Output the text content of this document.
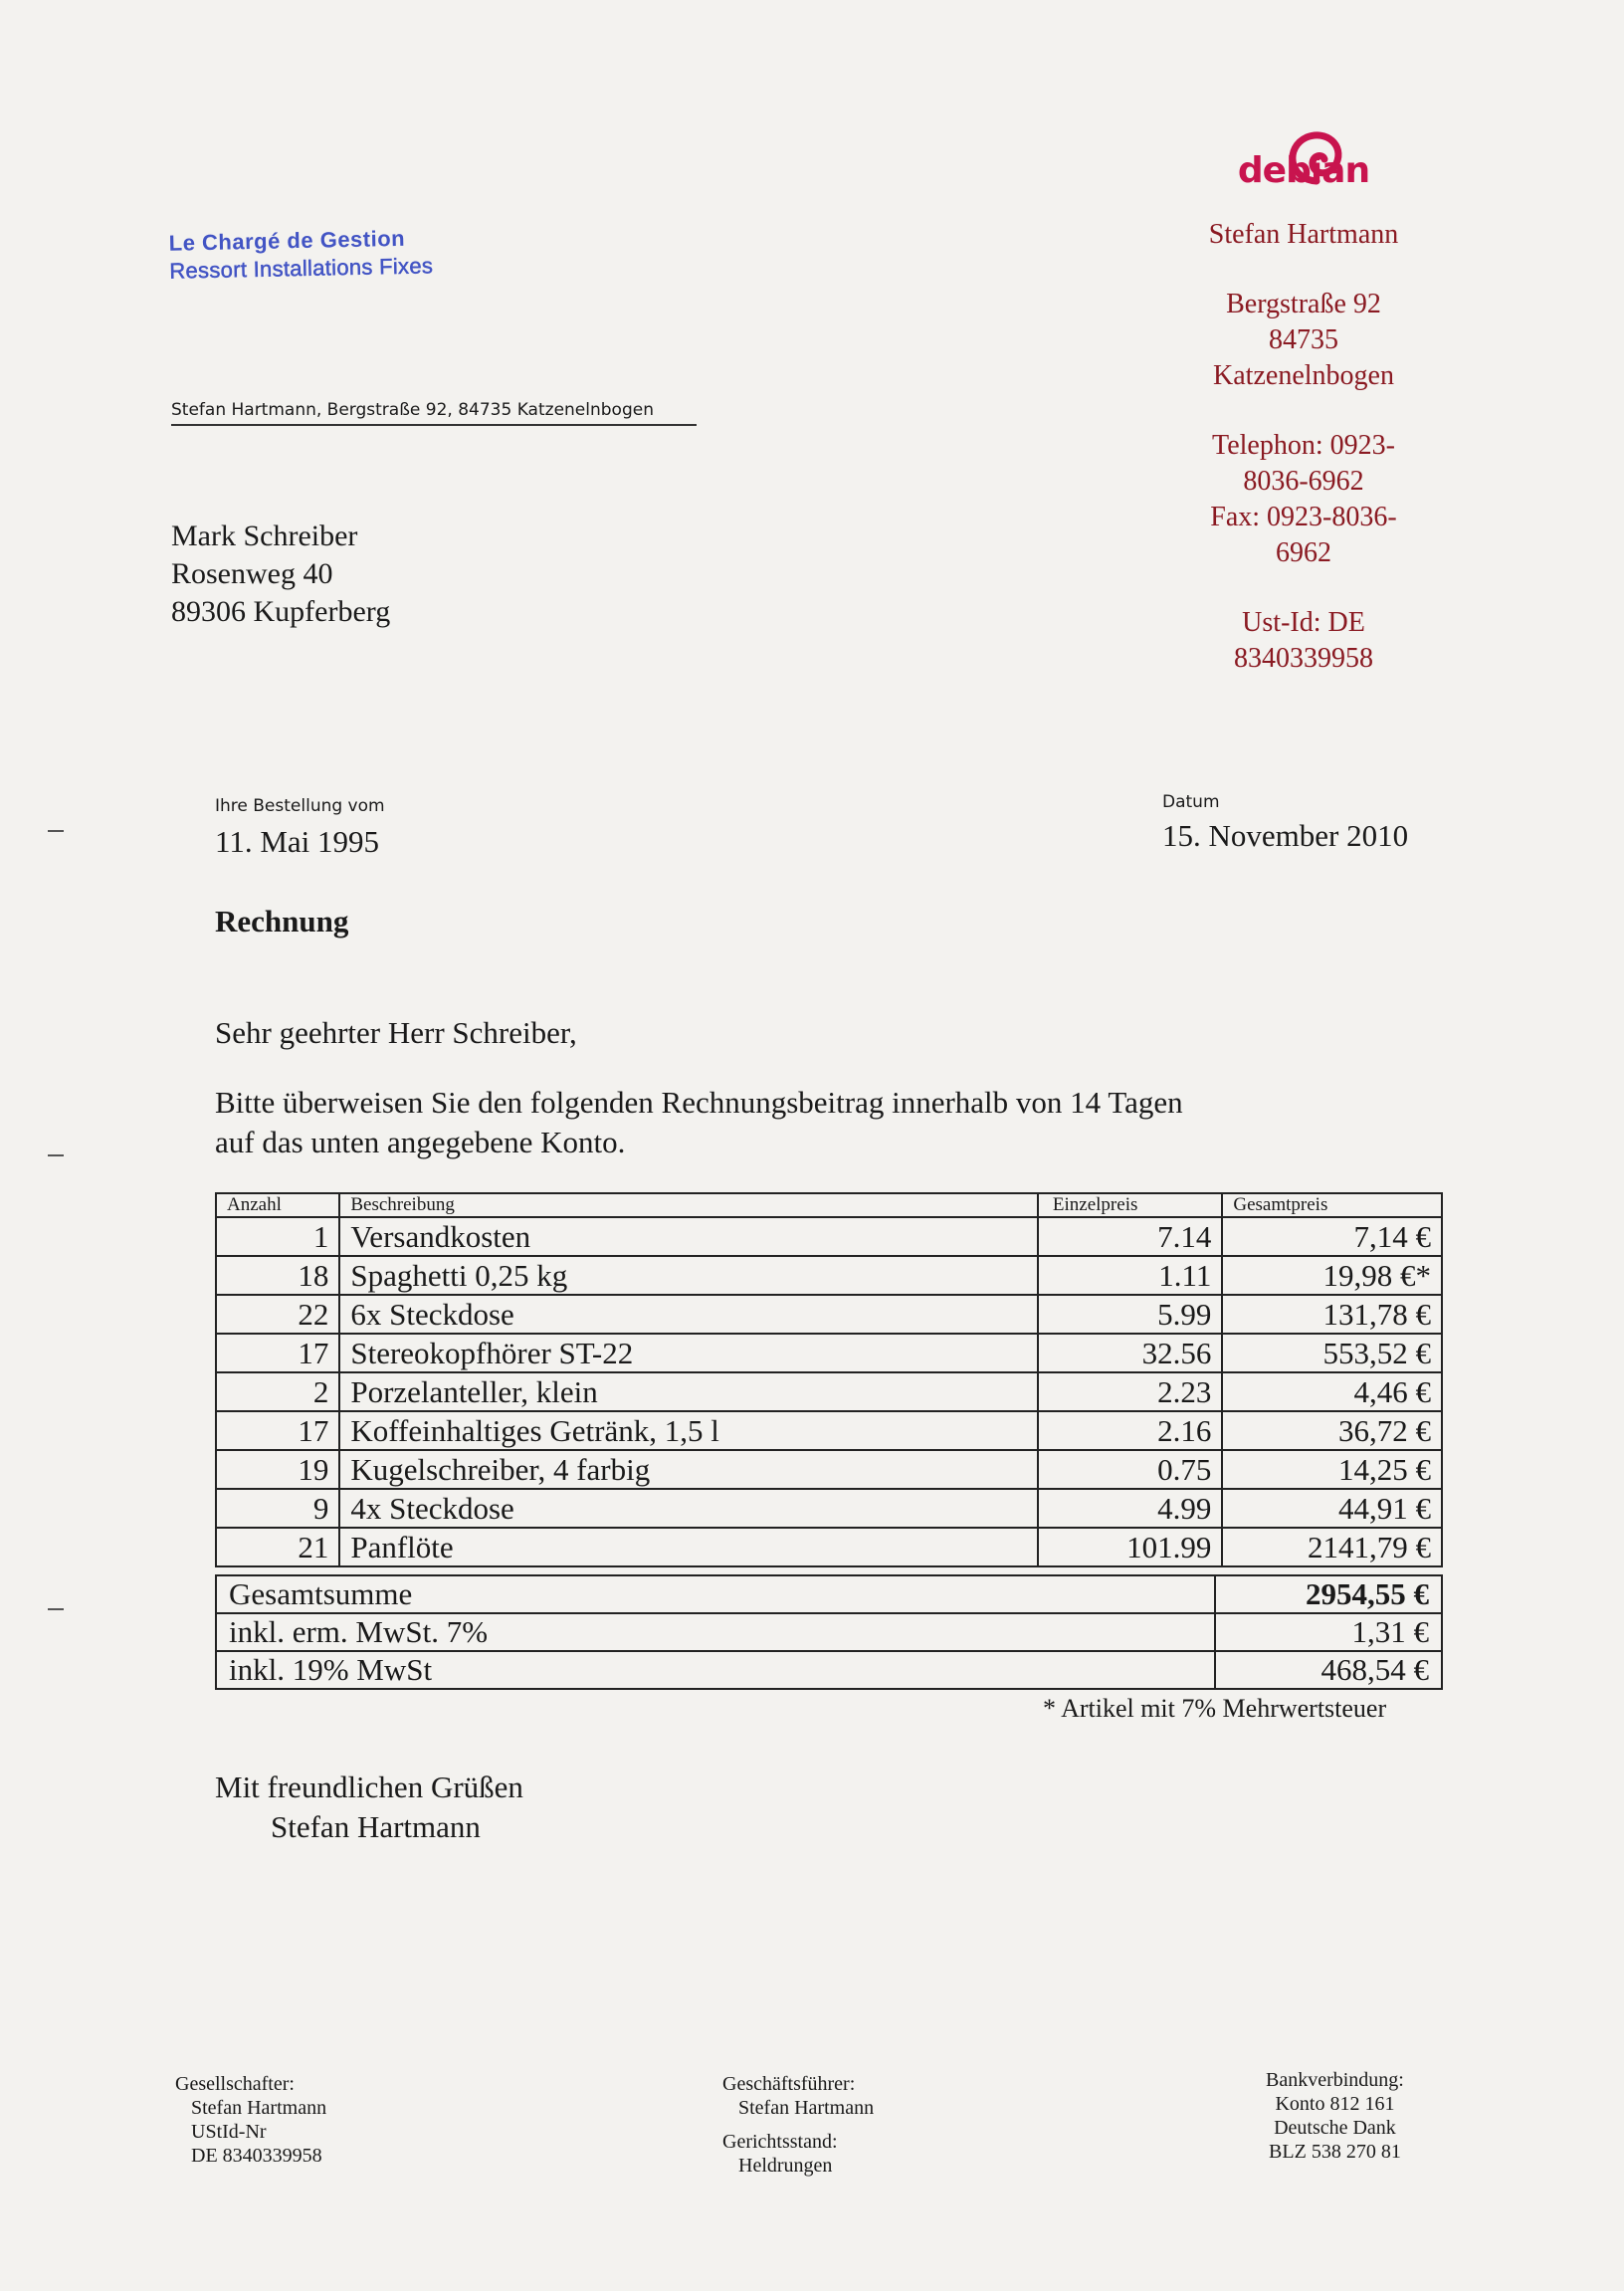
Le Chargé de Gestion
Ressort Installations Fixes
Stefan Hartmann, Bergstraße 92, 84735 Katzenelnbogen
Mark Schreiber
Rosenweg 40
89306 Kupferberg
debian
Stefan Hartmann
Bergstraße 92
84735
Katzenelnbogen
Telephon: 0923-
8036-6962
Fax: 0923-8036-
6962
Ust-Id: DE
8340339958
Ihre Bestellung vom
11. Mai 1995
Datum
15. November 2010
Rechnung
Sehr geehrter Herr Schreiber,
Bitte überweisen Sie den folgenden Rechnungsbeitrag innerhalb von 14 Tagen
auf das unten angegebene Konto.
Anzahl	Beschreibung	Einzelpreis	Gesamtpreis
1	Versandkosten	7.14	7,14 €
18	Spaghetti 0,25 kg	1.11	19,98 €*
22	6x Steckdose	5.99	131,78 €
17	Stereokopfhörer ST-22	32.56	553,52 €
2	Porzelanteller, klein	2.23	4,46 €
17	Koffeinhaltiges Getränk, 1,5 l	2.16	36,72 €
19	Kugelschreiber, 4 farbig	0.75	14,25 €
9	4x Steckdose	4.99	44,91 €
21	Panflöte	101.99	2141,79 €
Gesamtsumme	2954,55 €
inkl. erm. MwSt. 7%	1,31 €
inkl. 19% MwSt	468,54 €
* Artikel mit 7% Mehrwertsteuer
Mit freundlichen Grüßen
Stefan Hartmann
Gesellschafter:
Stefan Hartmann
UStId-Nr
DE 8340339958
Geschäftsführer:
Stefan Hartmann
Gerichtsstand:
Heldrungen
Bankverbindung:
Konto 812 161
Deutsche Dank
BLZ 538 270 81
